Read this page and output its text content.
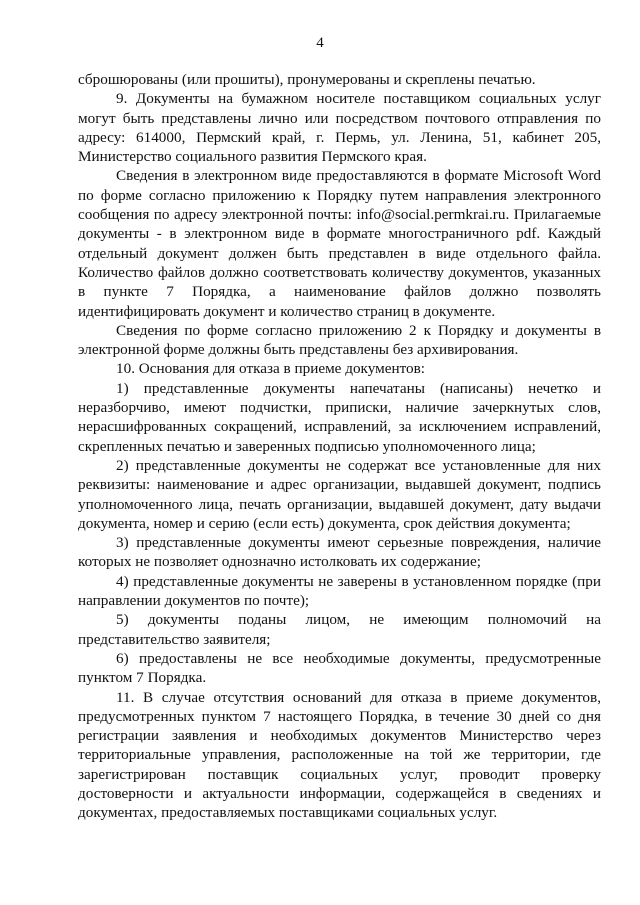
4

сброшюрованы (или прошиты), пронумерованы и скреплены печатью.

9. Документы на бумажном носителе поставщиком социальных услуг могут быть представлены лично или посредством почтового отправления по адресу: 614000, Пермский край, г. Пермь, ул. Ленина, 51, кабинет 205, Министерство социального развития Пермского края.

Сведения в электронном виде предоставляются в формате Microsoft Word по форме согласно приложению к Порядку путем направления электронного сообщения по адресу электронной почты: info@social.permkrai.ru. Прилагаемые документы - в электронном виде в формате многостраничного pdf. Каждый отдельный документ должен быть представлен в виде отдельного файла. Количество файлов должно соответствовать количеству документов, указанных в пункте 7 Порядка, а наименование файлов должно позволять идентифицировать документ и количество страниц в документе.

Сведения по форме согласно приложению 2 к Порядку и документы в электронной форме должны быть представлены без архивирования.

10. Основания для отказа в приеме документов:

1) представленные документы напечатаны (написаны) нечетко и неразборчиво, имеют подчистки, приписки, наличие зачеркнутых слов, нерасшифрованных сокращений, исправлений, за исключением исправлений, скрепленных печатью и заверенных подписью уполномоченного лица;

2) представленные документы не содержат все установленные для них реквизиты: наименование и адрес организации, выдавшей документ, подпись уполномоченного лица, печать организации, выдавшей документ, дату выдачи документа, номер и серию (если есть) документа, срок действия документа;

3) представленные документы имеют серьезные повреждения, наличие которых не позволяет однозначно истолковать их содержание;

4) представленные документы не заверены в установленном порядке (при направлении документов по почте);

5) документы поданы лицом, не имеющим полномочий на представительство заявителя;

6) предоставлены не все необходимые документы, предусмотренные пунктом 7 Порядка.

11. В случае отсутствия оснований для отказа в приеме документов, предусмотренных пунктом 7 настоящего Порядка, в течение 30 дней со дня регистрации заявления и необходимых документов Министерство через территориальные управления, расположенные на той же территории, где зарегистрирован поставщик социальных услуг, проводит проверку достоверности и актуальности информации, содержащейся в сведениях и документах, предоставляемых поставщиками социальных услуг.
